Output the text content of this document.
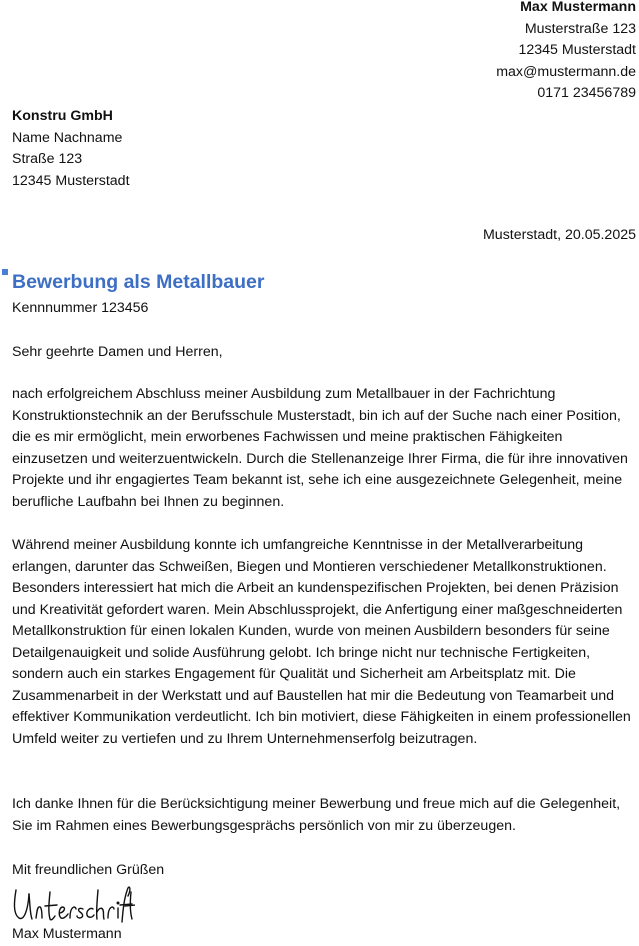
Max Mustermann
Musterstraße 123
12345 Musterstadt
max@mustermann.de
0171 23456789
Konstru GmbH
Name Nachname
Straße 123
12345 Musterstadt
Musterstadt, 20.05.2025
Bewerbung als Metallbauer
Kennnummer 123456
Sehr geehrte Damen und Herren,

nach erfolgreichem Abschluss meiner Ausbildung zum Metallbauer in der Fachrichtung Konstruktionstechnik an der Berufsschule Musterstadt, bin ich auf der Suche nach einer Position, die es mir ermöglicht, mein erworbenes Fachwissen und meine praktischen Fähigkeiten einzusetzen und weiterzuentwickeln. Durch die Stellenanzeige Ihrer Firma, die für ihre innovativen Projekte und ihr engagiertes Team bekannt ist, sehe ich eine ausgezeichnete Gelegenheit, meine berufliche Laufbahn bei Ihnen zu beginnen.

Während meiner Ausbildung konnte ich umfangreiche Kenntnisse in der Metallverarbeitung erlangen, darunter das Schweißen, Biegen und Montieren verschiedener Metallkonstruktionen. Besonders interessiert hat mich die Arbeit an kundenspezifischen Projekten, bei denen Präzision und Kreativität gefordert waren. Mein Abschlussprojekt, die Anfertigung einer maßgeschneiderten Metallkonstruktion für einen lokalen Kunden, wurde von meinen Ausbildern besonders für seine Detailgenauigkeit und solide Ausführung gelobt. Ich bringe nicht nur technische Fertigkeiten, sondern auch ein starkes Engagement für Qualität und Sicherheit am Arbeitsplatz mit. Die Zusammenarbeit in der Werkstatt und auf Baustellen hat mir die Bedeutung von Teamarbeit und effektiver Kommunikation verdeutlicht. Ich bin motiviert, diese Fähigkeiten in einem professionellen Umfeld weiter zu vertiefen und zu Ihrem Unternehmenserfolg beizutragen.

Ich danke Ihnen für die Berücksichtigung meiner Bewerbung und freue mich auf die Gelegenheit, Sie im Rahmen eines Bewerbungsgesprächs persönlich von mir zu überzeugen.

Mit freundlichen Grüßen
Max Mustermann
